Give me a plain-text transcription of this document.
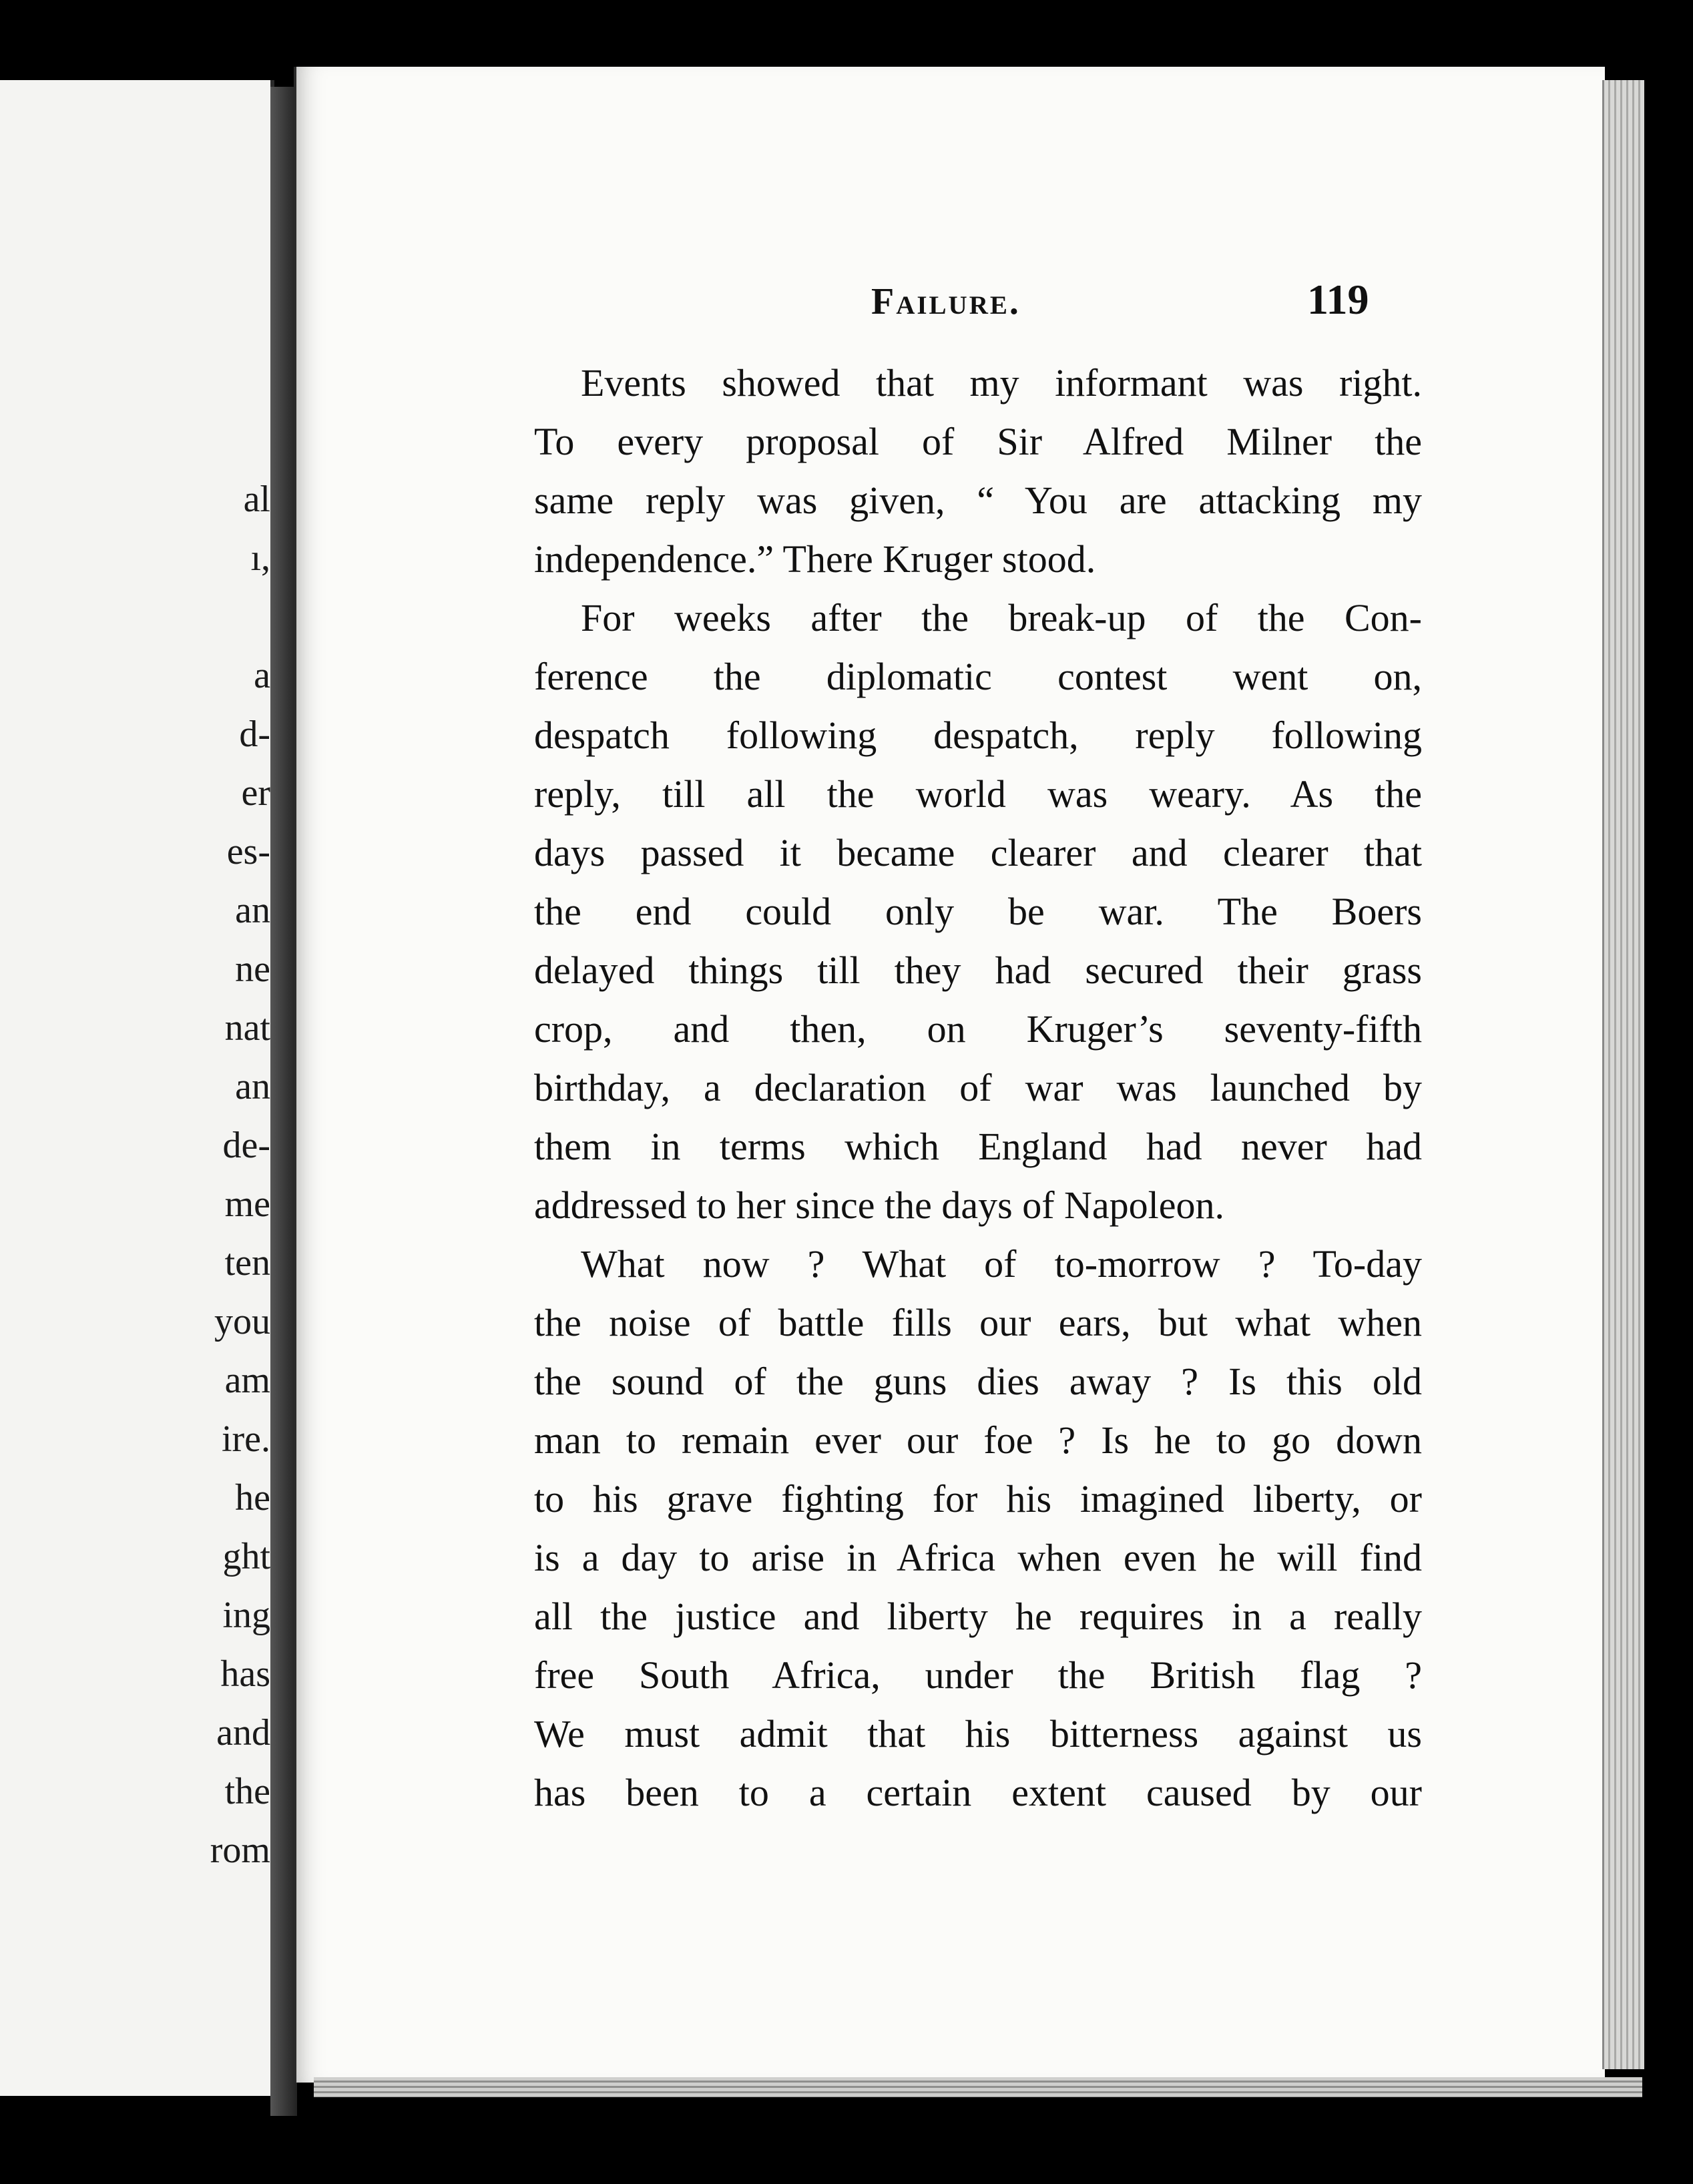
al
ı,
a
d-
er
es-
an
ne
nat
an
de-
me
ten
you
am
ire.
he
ght
ing
has
and
the
rom
Failure.	119
Events showed that my informant was right.
To every proposal of Sir Alfred Milner the
same reply was given, “ You are attacking my
independence.” There Kruger stood.
For weeks after the break-up of the Con-
ference the diplomatic contest went on,
despatch following despatch, reply following
reply, till all the world was weary. As the
days passed it became clearer and clearer that
the end could only be war. The Boers
delayed things till they had secured their grass
crop, and then, on Kruger’s seventy-fifth
birthday, a declaration of war was launched by
them in terms which England had never had
addressed to her since the days of Napoleon.
What now ? What of to-morrow ? To-day
the noise of battle fills our ears, but what when
the sound of the guns dies away ? Is this old
man to remain ever our foe ? Is he to go down
to his grave fighting for his imagined liberty, or
is a day to arise in Africa when even he will find
all the justice and liberty he requires in a really
free South Africa, under the British flag ?
We must admit that his bitterness against us
has been to a certain extent caused by our
